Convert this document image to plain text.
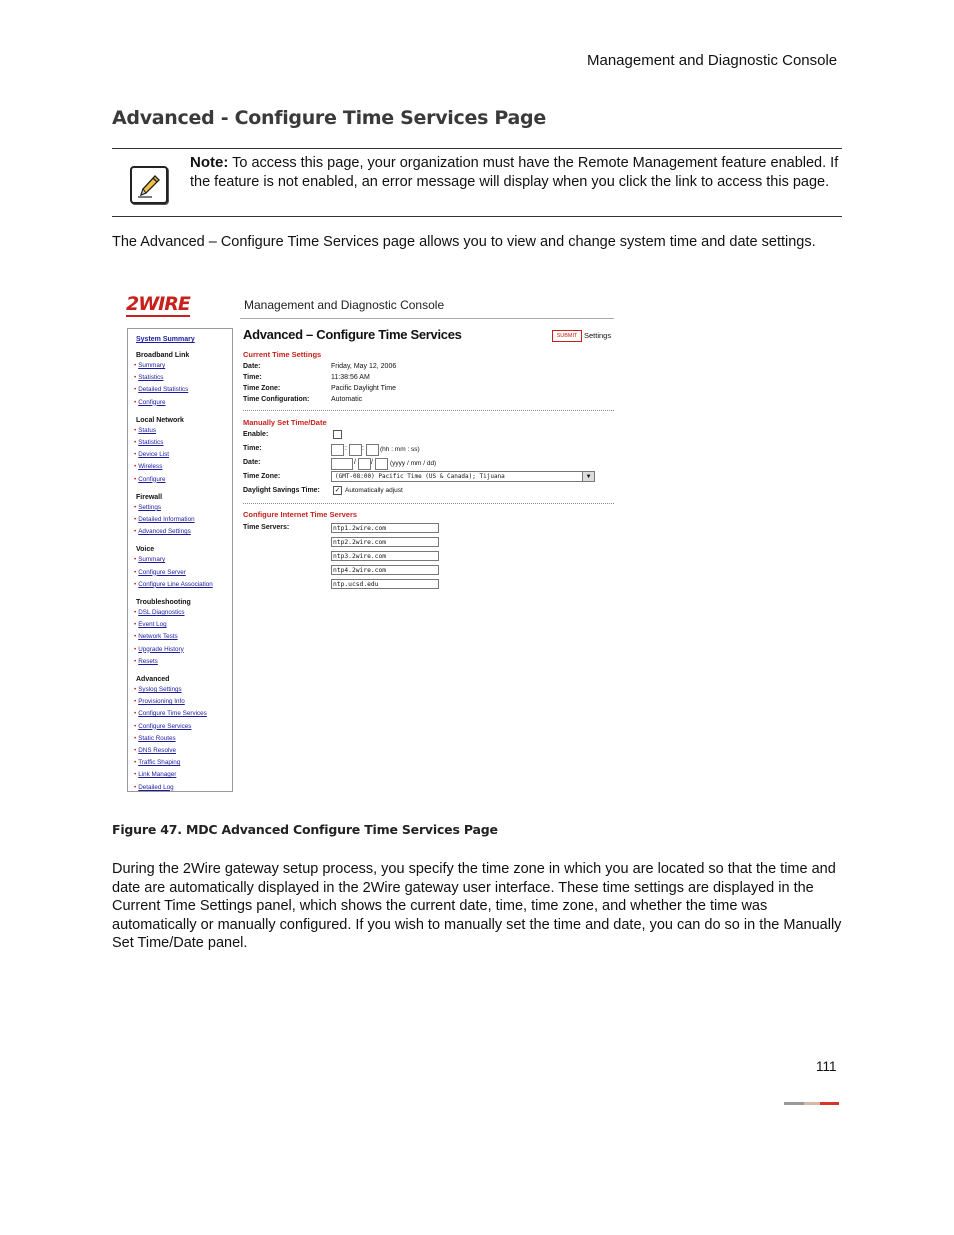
Management and Diagnostic Console
Advanced - Configure Time Services Page
Note: To access this page, your organization must have the Remote Management feature enabled. If the feature is not enabled, an error message will display when you click the link to access this page.
The Advanced – Configure Time Services page allows you to view and change system time and date settings.
2WIRE	Management and Diagnostic Console
System Summary
Broadband Link
• Summary
• Statistics
• Detailed Statistics
• Configure
Local Network
• Status
• Statistics
• Device List
• Wireless
• Configure
Firewall
• Settings
• Detailed Information
• Advanced Settings
Voice
• Summary
• Configure Server
• Configure Line Association
Troubleshooting
• DSL Diagnostics
• Event Log
• Network Tests
• Upgrade History
• Resets
Advanced
• Syslog Settings
• Provisioning Info
• Configure Time Services
• Configure Services
• Static Routes
• DNS Resolve
• Traffic Shaping
• Link Manager
• Detailed Log
Advanced – Configure Time Services	SUBMIT Settings
Current Time Settings
Date:	Friday, May 12, 2006
Time:	11:38:56 AM
Time Zone:	Pacific Daylight Time
Time Configuration:	Automatic
Manually Set Time/Date
Enable:
Time:	: : (hh : mm : ss)
Date:	/ /	(yyyy / mm / dd)
Time Zone:	(GMT-08:00) Pacific Time (US & Canada); Tijuana	▼
Daylight Savings Time: ✓ Automatically adjust
Configure Internet Time Servers
Time Servers:	ntp1.2wire.com
ntp2.2wire.com
ntp3.2wire.com
ntp4.2wire.com
ntp.ucsd.edu
Figure 47. MDC Advanced Configure Time Services Page
During the 2Wire gateway setup process, you specify the time zone in which you are located so that the time and date are automatically displayed in the 2Wire gateway user interface. These time settings are displayed in the Current Time Settings panel, which shows the current date, time, time zone, and whether the time was automatically or manually configured. If you wish to manually set the time and date, you can do so in the Manually Set Time/Date panel.
111
